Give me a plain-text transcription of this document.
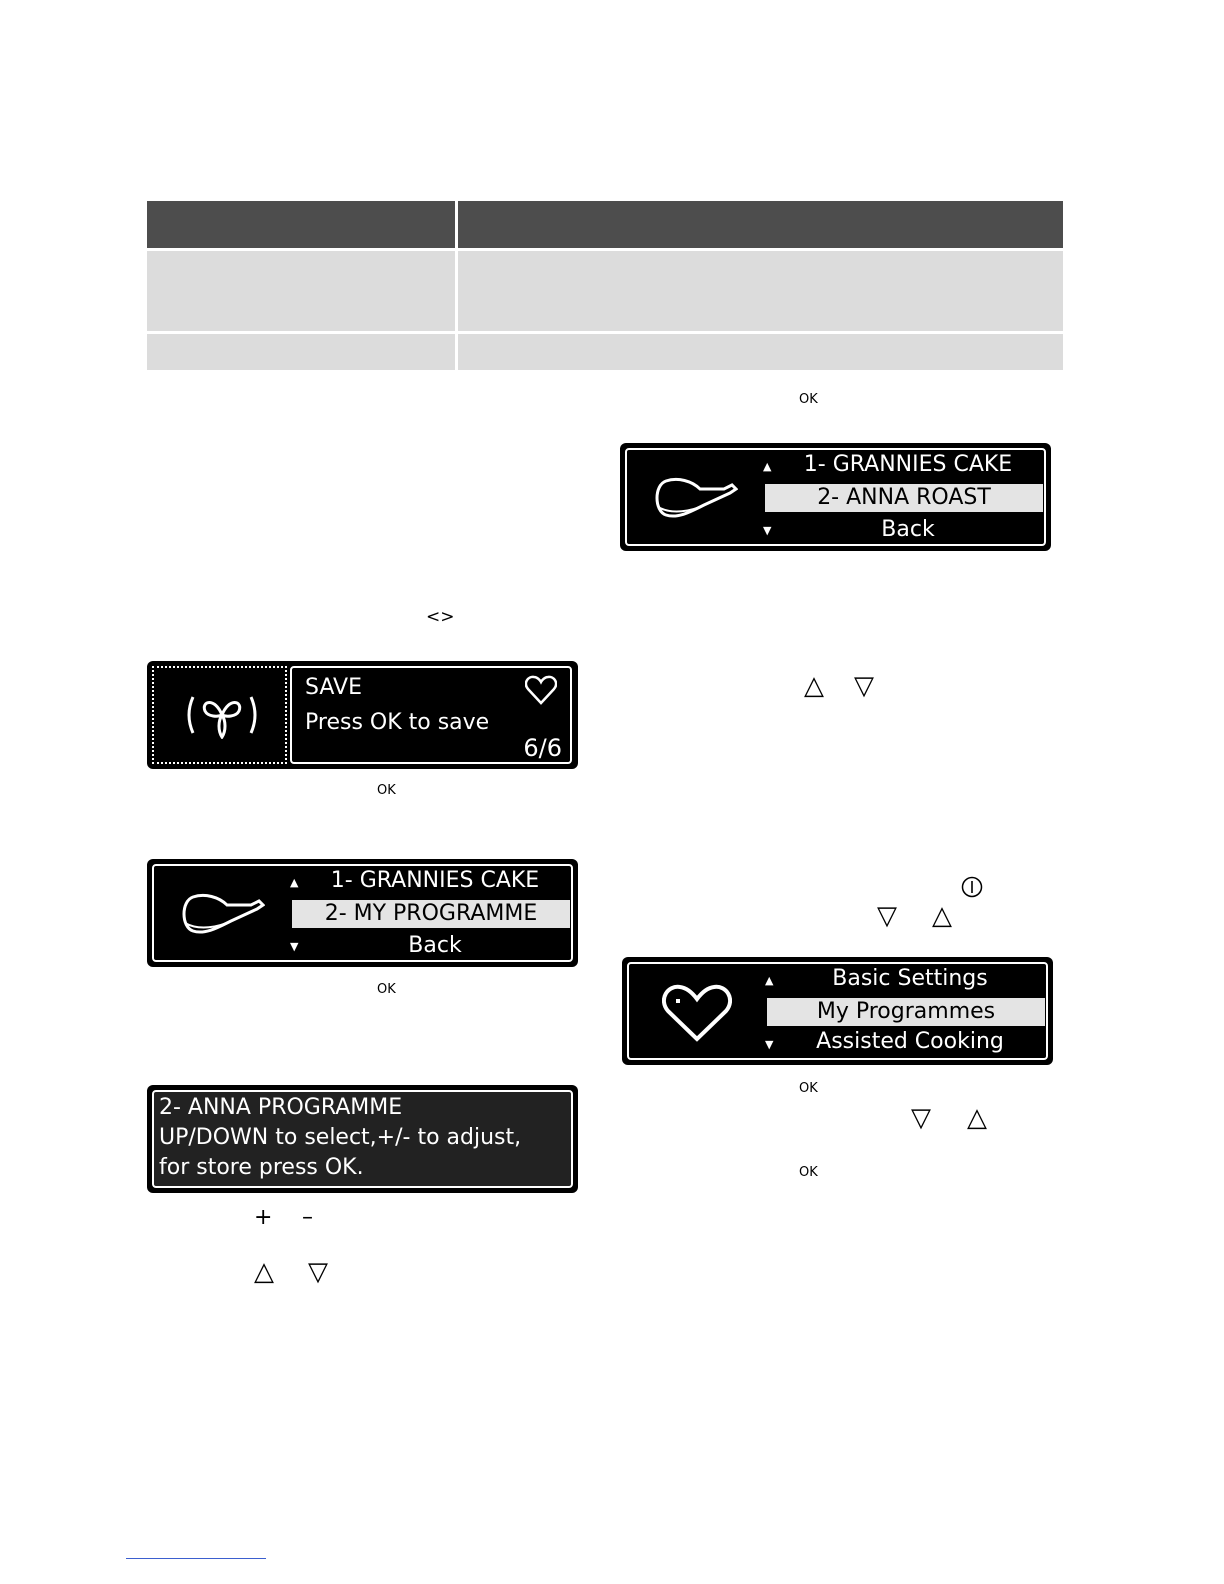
<>
SAVE
Press OK to save
6/6
OK
▲
▼
1- GRANNIES CAKE
2- MY PROGRAMME
Back
OK
2- ANNA PROGRAMME
UP/DOWN to select,+/- to adjust,
for store press OK.
+ –
△ ▽
OK
▲
▼
1- GRANNIES CAKE
2- ANNA ROAST
Back
△ ▽
▽ △
▲
▼
Basic Settings
My Programmes
Assisted Cooking
OK
▽ △
OK
